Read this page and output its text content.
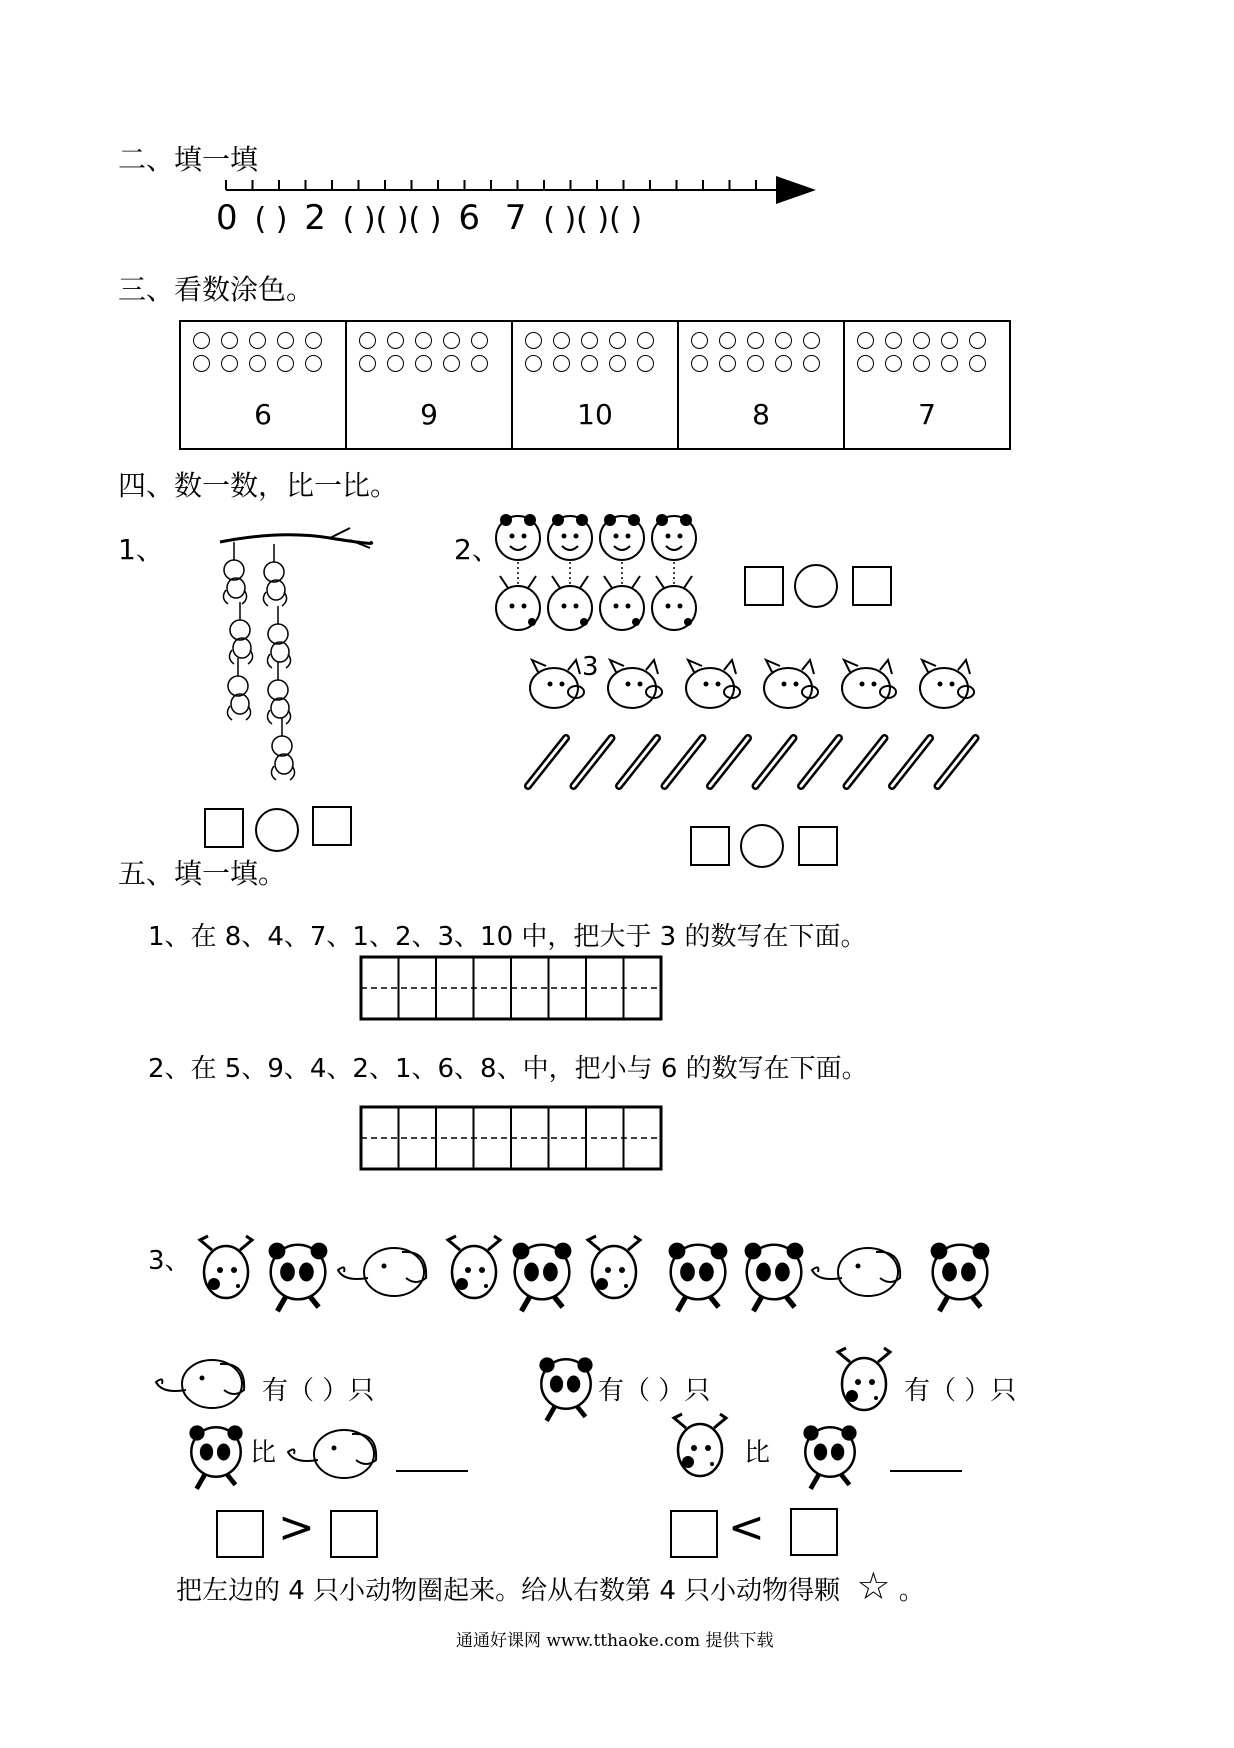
二、填一填
0 ( ) 2 ( )( )( ) 6 7 ( )( )( )
三、看数涂色。
6	9	10	8	7
四、数一数，比一比。
1、	2、
3
五、填一填。
1、在 8、4、7、1、2、3、10 中，把大于 3 的数写在下面。
2、在 5、9、4、2、1、6、8、中，把小与 6 的数写在下面。
3、
有（ ）只	有（ ）只	有（ ）只
比	比
>	<
把左边的 4 只小动物圈起来。给从右数第 4 只小动物得颗 ☆ 。
通通好课网 www.tthaoke.com 提供下载
